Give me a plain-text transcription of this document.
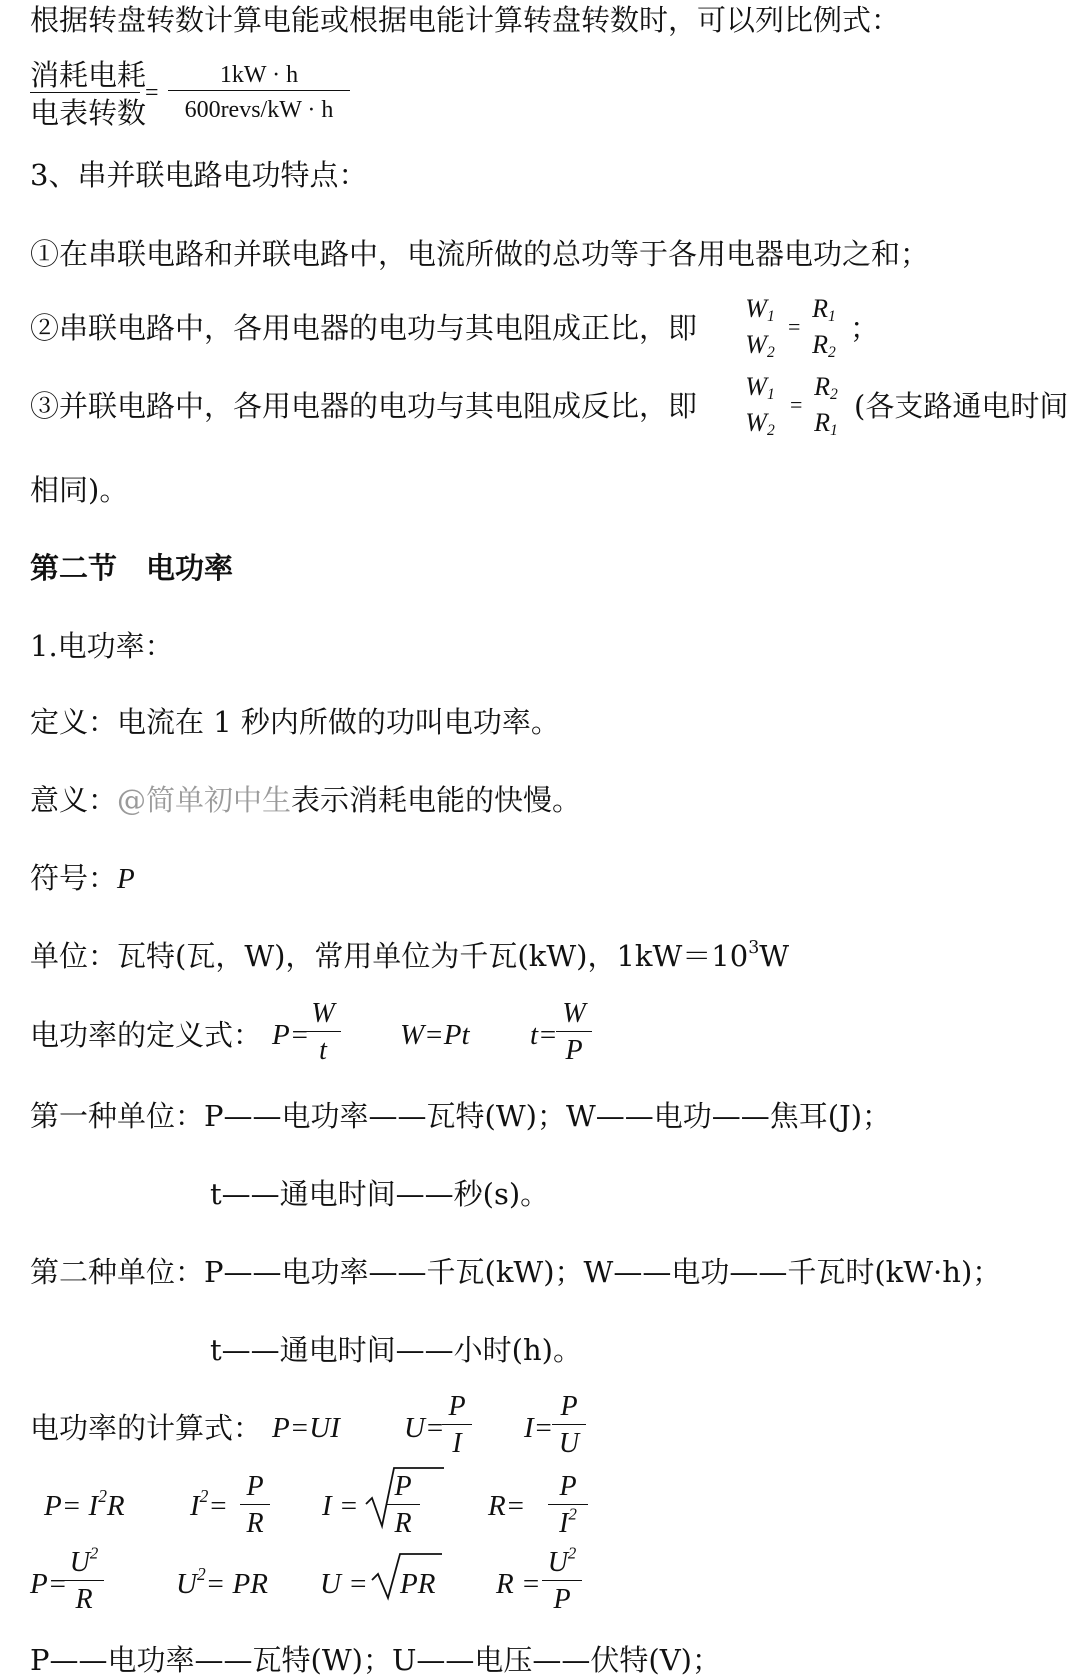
根据转盘转数计算电能或根据电能计算转盘转数时，可以列比例式：
消耗电耗
电表转数
=
1kW · h
600revs/kW · h
3、串并联电路电功特点：
①在串联电路和并联电路中，电流所做的总功等于各用电器电功之和；
②串联电路中，各用电器的电功与其电阻成正比，即
$W_1$
$W_2$
=
$R_1$
$R_2$
；
③并联电路中，各用电器的电功与其电阻成反比，即
$W_1$
$W_2$
=
$R_2$
$R_1$
(各支路通电时间
相同)。
第二节　电功率
1.电功率：
定义：电流在 1 秒内所做的功叫电功率。
意义：@简单初中生表示消耗电能的快慢。
符号：P
单位：瓦特(瓦，W)，常用单位为千瓦(kW)，$1kW=10^3W$
电功率的定义式： P=
W
t	W=Pt t=
W
P
第一种单位：P——电功率——瓦特(W)；W——电功——焦耳(J)；
t——通电时间——秒(s)。
第二种单位：P——电功率——千瓦(kW)；W——电功——千瓦时(kW·h)；
t——通电时间——小时(h)。
电功率的计算式： P=UI U=
P
I	I=
P
U
$P= I^2R$ $I^2=$
P
R
I =
P
R
R=
P
$I^2$
P=
$U^2$
R	$U^2=$ PR U = PR R =
$U^2$
P
P——电功率——瓦特(W)；U——电压——伏特(V)；
